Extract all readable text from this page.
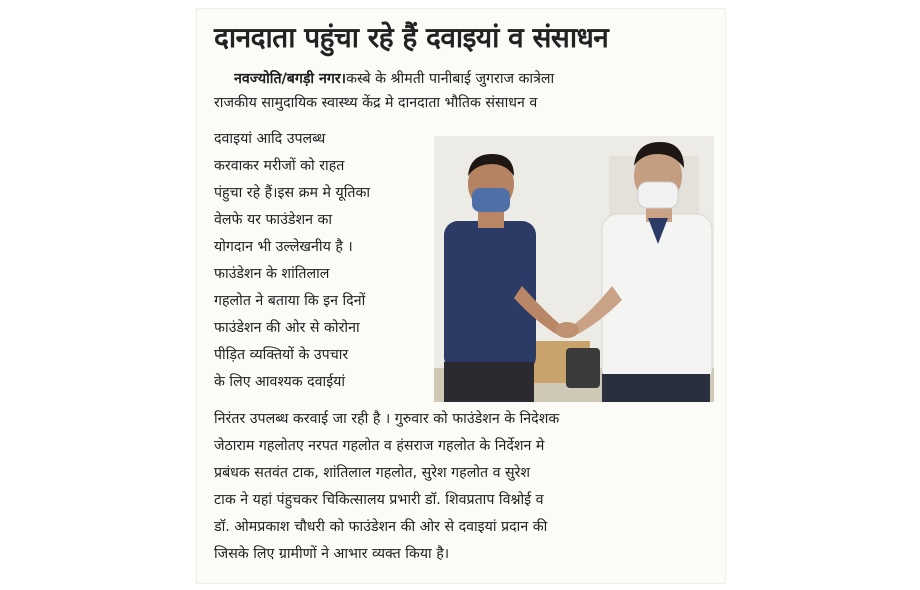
दानदाता पहुंचा रहे हैं दवाइयां व संसाधन
नवज्योति/बगड़ी नगर।कस्बे के श्रीमती पानीबाई जुगराज कात्रेला
राजकीय सामुदायिक स्वास्थ्य केंद्र मे दानदाता भौतिक संसाधन व
दवाइयां आदि उपलब्ध
करवाकर मरीजों को राहत
पंहुचा रहे हैं।इस क्रम मे यूतिका
वेलफे यर फाउंडेशन का
योगदान भी उल्लेखनीय है ।
फाउंडेशन के शांतिलाल
गहलोत ने बताया कि इन दिनों
फाउंडेशन की ओर से कोरोना
पीड़ित व्यक्तियों के उपचार
के लिए आवश्यक दवाईयां
निरंतर उपलब्ध करवाई जा रही है । गुरुवार को फाउंडेशन के निदेशक
जेठाराम गहलोतए नरपत गहलोत व हंसराज गहलोत के निर्देशन मे
प्रबंधक सतवंत टाक, शांतिलाल गहलोत, सुरेश गहलोत व सुरेश
टाक ने यहां पंहुचकर चिकित्सालय प्रभारी डॉ. शिवप्रताप विश्नोई व
डॉ. ओमप्रकाश चौधरी को फाउंडेशन की ओर से दवाइयां प्रदान की
जिसके लिए ग्रामीणों ने आभार व्यक्त किया है।
